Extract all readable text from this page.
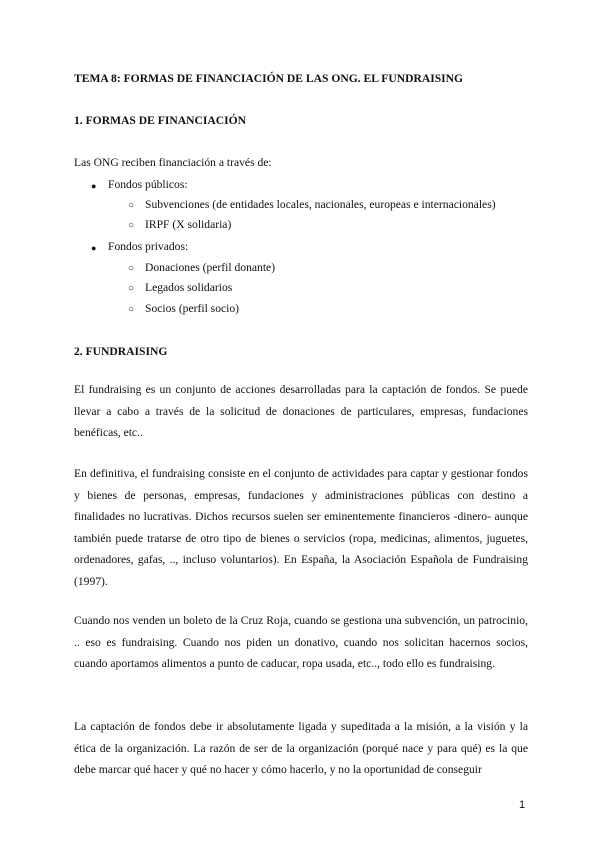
TEMA 8: FORMAS DE FINANCIACIÓN DE LAS ONG. EL FUNDRAISING
1. FORMAS DE FINANCIACIÓN

Las ONG reciben financiación a través de:

● Fondos públicos:
○ Subvenciones (de entidades locales, nacionales, europeas e internacionales)
○ IRPF (X solidaria)
● Fondos privados:
○ Donaciones (perfil donante)
○ Legados solidarios
○ Socios (perfil socio)
2. FUNDRAISING

El fundraising es un conjunto de acciones desarrolladas para la captación de fondos. Se puede llevar a cabo a través de la solicitud de donaciones de particulares, empresas, fundaciones benéficas, etc..

En definitiva, el fundraising consiste en el conjunto de actividades para captar y gestionar fondos y bienes de personas, empresas, fundaciones y administraciones públicas con destino a finalidades no lucrativas. Dichos recursos suelen ser eminentemente financieros -dinero- aunque también puede tratarse de otro tipo de bienes o servicios (ropa, medicinas, alimentos, juguetes, ordenadores, gafas, .., incluso voluntarios). En España, la Asociación Española de Fundraising (1997).

Cuando nos venden un boleto de la Cruz Roja, cuando se gestiona una subvención, un patrocinio, .. eso es fundraising. Cuando nos piden un donativo, cuando nos solicitan hacernos socios, cuando aportamos alimentos a punto de caducar, ropa usada, etc.., todo ello es fundraising.

La captación de fondos debe ir absolutamente ligada y supeditada a la misión, a la visión y la ética de la organización. La razón de ser de la organización (porqué nace y para qué) es la que debe marcar qué hacer y qué no hacer y cómo hacerlo, y no la oportunidad de conseguir

1
